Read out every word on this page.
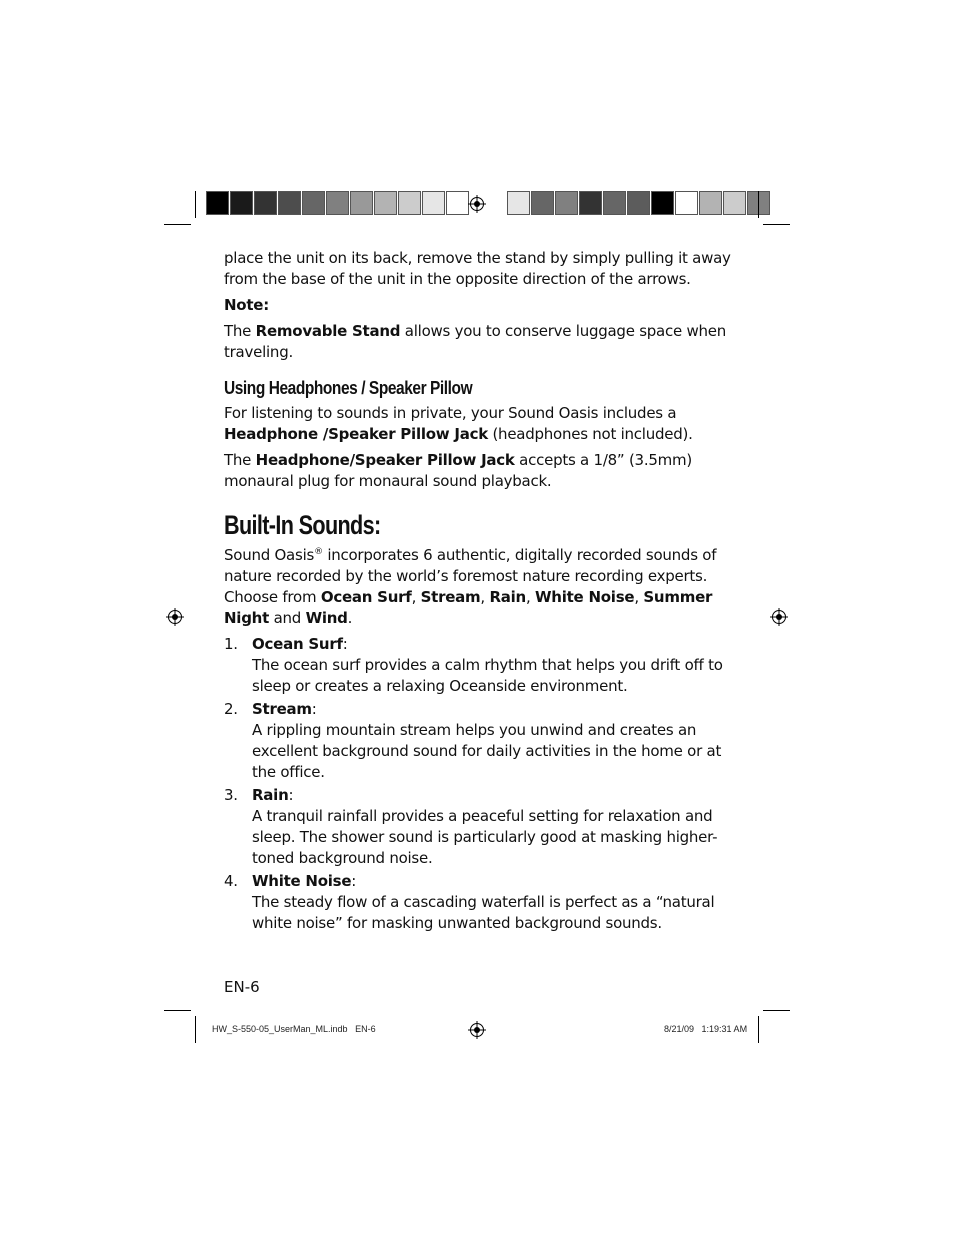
place the unit on its back, remove the stand by simply pulling it away from the base of the unit in the opposite direction of the arrows.

Note:

The Removable Stand allows you to conserve luggage space when traveling.

Using Headphones / Speaker Pillow

For listening to sounds in private, your Sound Oasis includes a Headphone /Speaker Pillow Jack (headphones not included).

The Headphone/Speaker Pillow Jack accepts a 1/8” (3.5mm) monaural plug for monaural sound playback.

Built-In Sounds:

Sound Oasis® incorporates 6 authentic, digitally recorded sounds of nature recorded by the world’s foremost nature recording experts. Choose from Ocean Surf, Stream, Rain, White Noise, Summer Night and Wind.

1. Ocean Surf:
The ocean surf provides a calm rhythm that helps you drift off to sleep or creates a relaxing Oceanside environment.
2. Stream:
A rippling mountain stream helps you unwind and creates an excellent background sound for daily activities in the home or at the office.
3. Rain:
A tranquil rainfall provides a peaceful setting for relaxation and sleep. The shower sound is particularly good at masking higher-toned background noise.
4. White Noise:
The steady flow of a cascading waterfall is perfect as a “natural white noise” for masking unwanted background sounds.
EN-6
HW_S-550-05_UserMan_ML.indb   EN-6	8/21/09   1:19:31 AM
